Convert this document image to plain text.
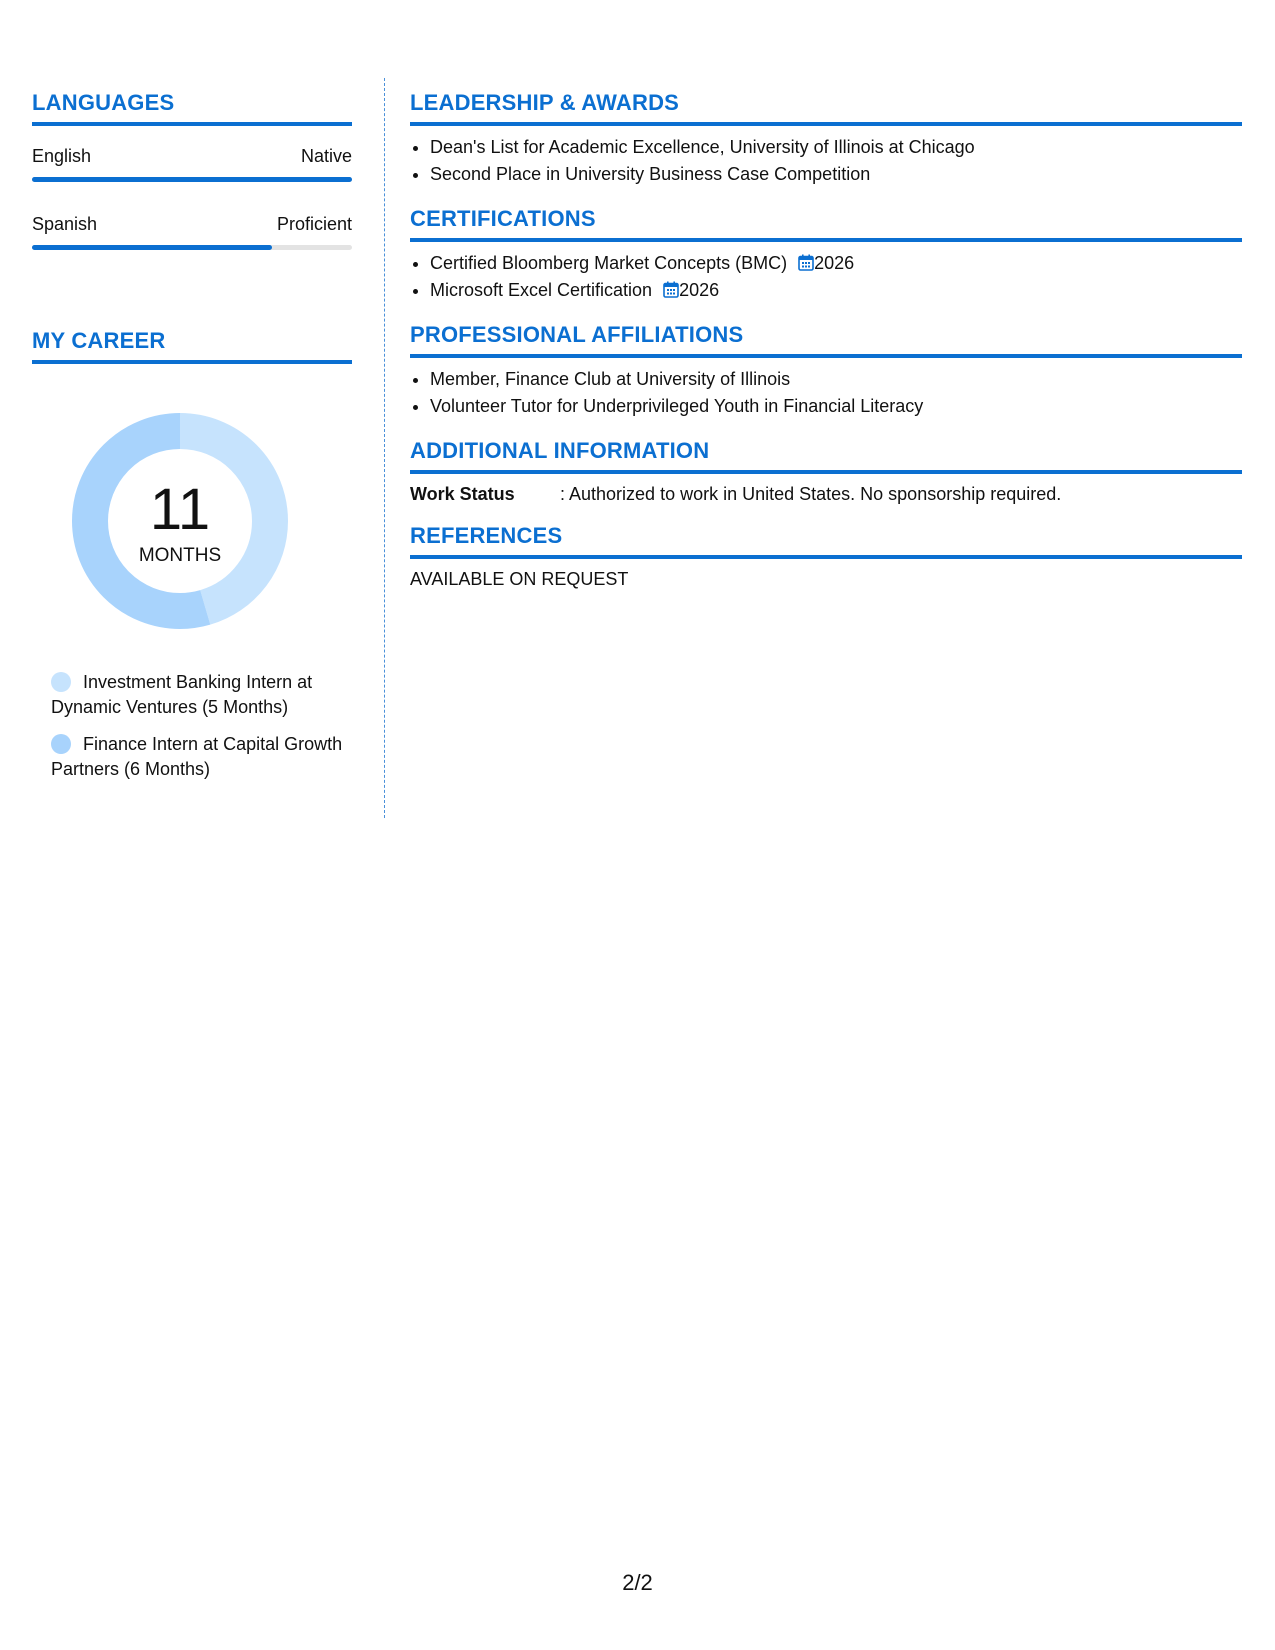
LANGUAGES
English	Native
Spanish	Proficient
MY CAREER
11
MONTHS
Investment Banking Intern at Dynamic Ventures (5 Months)
Finance Intern at Capital Growth Partners (6 Months)
LEADERSHIP & AWARDS
• Dean's List for Academic Excellence, University of Illinois at Chicago
• Second Place in University Business Case Competition
CERTIFICATIONS
• Certified Bloomberg Market Concepts (BMC) 2026
• Microsoft Excel Certification 2026
PROFESSIONAL AFFILIATIONS
• Member, Finance Club at University of Illinois
• Volunteer Tutor for Underprivileged Youth in Financial Literacy
ADDITIONAL INFORMATION
Work Status	: Authorized to work in United States. No sponsorship required.
REFERENCES
AVAILABLE ON REQUEST
2/2
